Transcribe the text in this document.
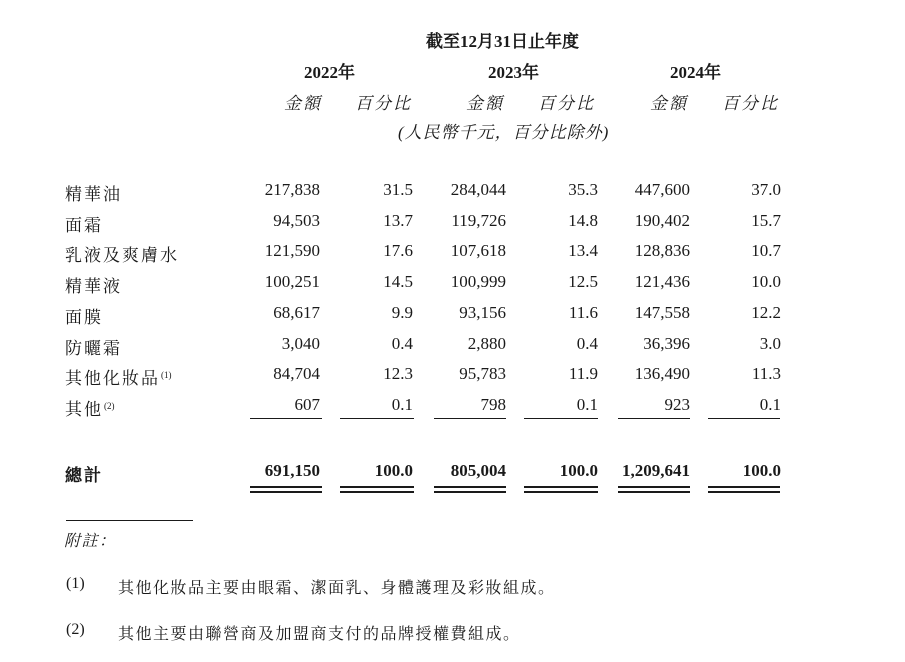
截至12月31日止年度
2022年	2023年	2024年
金額 百分比	金額 百分比	金額 百分比
(人民幣千元，百分比除外)
精華油	217,838	31.5	284,044	35.3	447,600	37.0
面霜	94,503	13.7	119,726	14.8	190,402	15.7
乳液及爽膚水	121,590	17.6	107,618	13.4	128,836	10.7
精華液	100,251	14.5	100,999	12.5	121,436	10.0
面膜	68,617	9.9	93,156	11.6	147,558	12.2
防曬霜	3,040	0.4	2,880	0.4	36,396	3.0
其他化妝品$^{(1)}$	84,704	12.3	95,783	11.9	136,490	11.3
其他$^{(2)}$	607	0.1	798	0.1	923	0.1
總計	691,150	100.0	805,004	100.0	1,209,641	100.0
附註：
(1) 其他化妝品主要由眼霜、潔面乳、身體護理及彩妝組成。
(2) 其他主要由聯營商及加盟商支付的品牌授權費組成。
